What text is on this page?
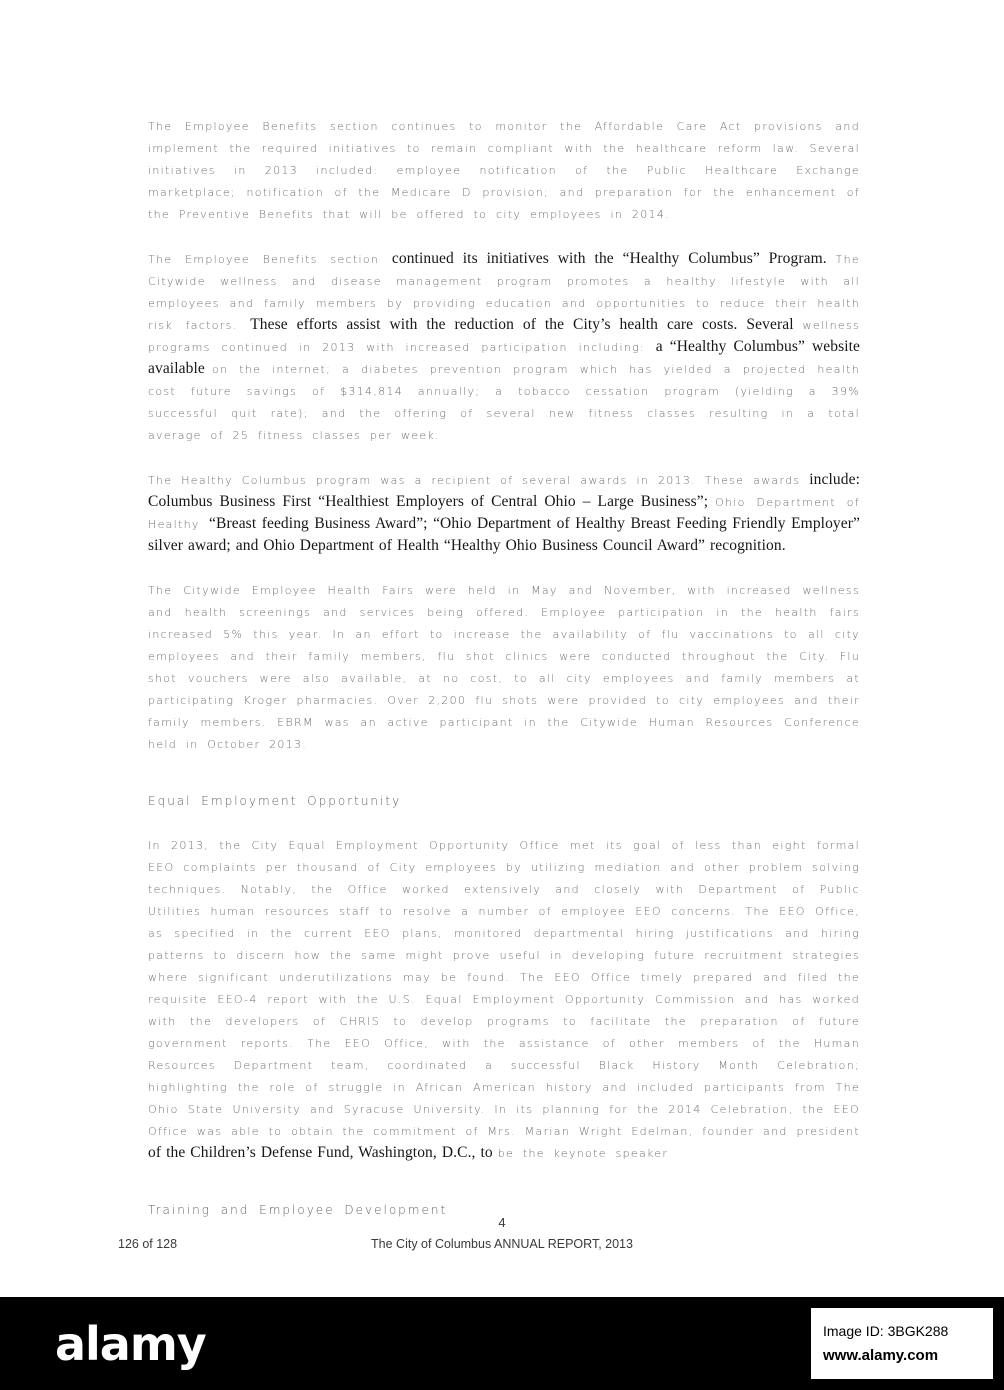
The Employee Benefits section continues to monitor the Affordable Care Act provisions and implement the required initiatives to remain compliant with the healthcare reform law. Several initiatives in 2013 included: employee notification of the Public Healthcare Exchange marketplace; notification of the Medicare D provision; and preparation for the enhancement of the Preventive Benefits that will be offered to city employees in 2014.

The Employee Benefits section continued its initiatives with the “Healthy Columbus” Program. The Citywide wellness and disease management program promotes a healthy lifestyle with all employees and family members by providing education and opportunities to reduce their health risk factors. These efforts assist with the reduction of the City’s health care costs. Several wellness programs continued in 2013 with increased participation including: a “Healthy Columbus” website available on the internet; a diabetes prevention program which has yielded a projected health cost future savings of $314,814 annually; a tobacco cessation program (yielding a 39% successful quit rate); and the offering of several new fitness classes resulting in a total average of 25 fitness classes per week.

The Healthy Columbus program was a recipient of several awards in 2013. These awards include: Columbus Business First “Healthiest Employers of Central Ohio – Large Business”; Ohio Department of Healthy “Breast feeding Business Award”; “Ohio Department of Healthy Breast Feeding Friendly Employer” silver award; and Ohio Department of Health “Healthy Ohio Business Council Award” recognition.

The Citywide Employee Health Fairs were held in May and November, with increased wellness and health screenings and services being offered. Employee participation in the health fairs increased 5% this year. In an effort to increase the availability of flu vaccinations to all city employees and their family members, flu shot clinics were conducted throughout the City. Flu shot vouchers were also available, at no cost, to all city employees and family members at participating Kroger pharmacies. Over 2,200 flu shots were provided to city employees and their family members. EBRM was an active participant in the Citywide Human Resources Conference held in October 2013.

Equal Employment Opportunity

In 2013, the City Equal Employment Opportunity Office met its goal of less than eight formal EEO complaints per thousand of City employees by utilizing mediation and other problem solving techniques. Notably, the Office worked extensively and closely with Department of Public Utilities human resources staff to resolve a number of employee EEO concerns. The EEO Office, as specified in the current EEO plans, monitored departmental hiring justifications and hiring patterns to discern how the same might prove useful in developing future recruitment strategies where significant underutilizations may be found. The EEO Office timely prepared and filed the requisite EEO-4 report with the U.S. Equal Employment Opportunity Commission and has worked with the developers of CHRIS to develop programs to facilitate the preparation of future government reports. The EEO Office, with the assistance of other members of the Human Resources Department team, coordinated a successful Black History Month Celebration; highlighting the role of struggle in African American history and included participants from The Ohio State University and Syracuse University. In its planning for the 2014 Celebration, the EEO Office was able to obtain the commitment of Mrs. Marian Wright Edelman, founder and president of the Children’s Defense Fund, Washington, D.C., to be the keynote speaker

Training and Employee Development
4
126 of 128	The City of Columbus ANNUAL REPORT, 2013
alamy	Image ID: 3BGK288
www.alamy.com
